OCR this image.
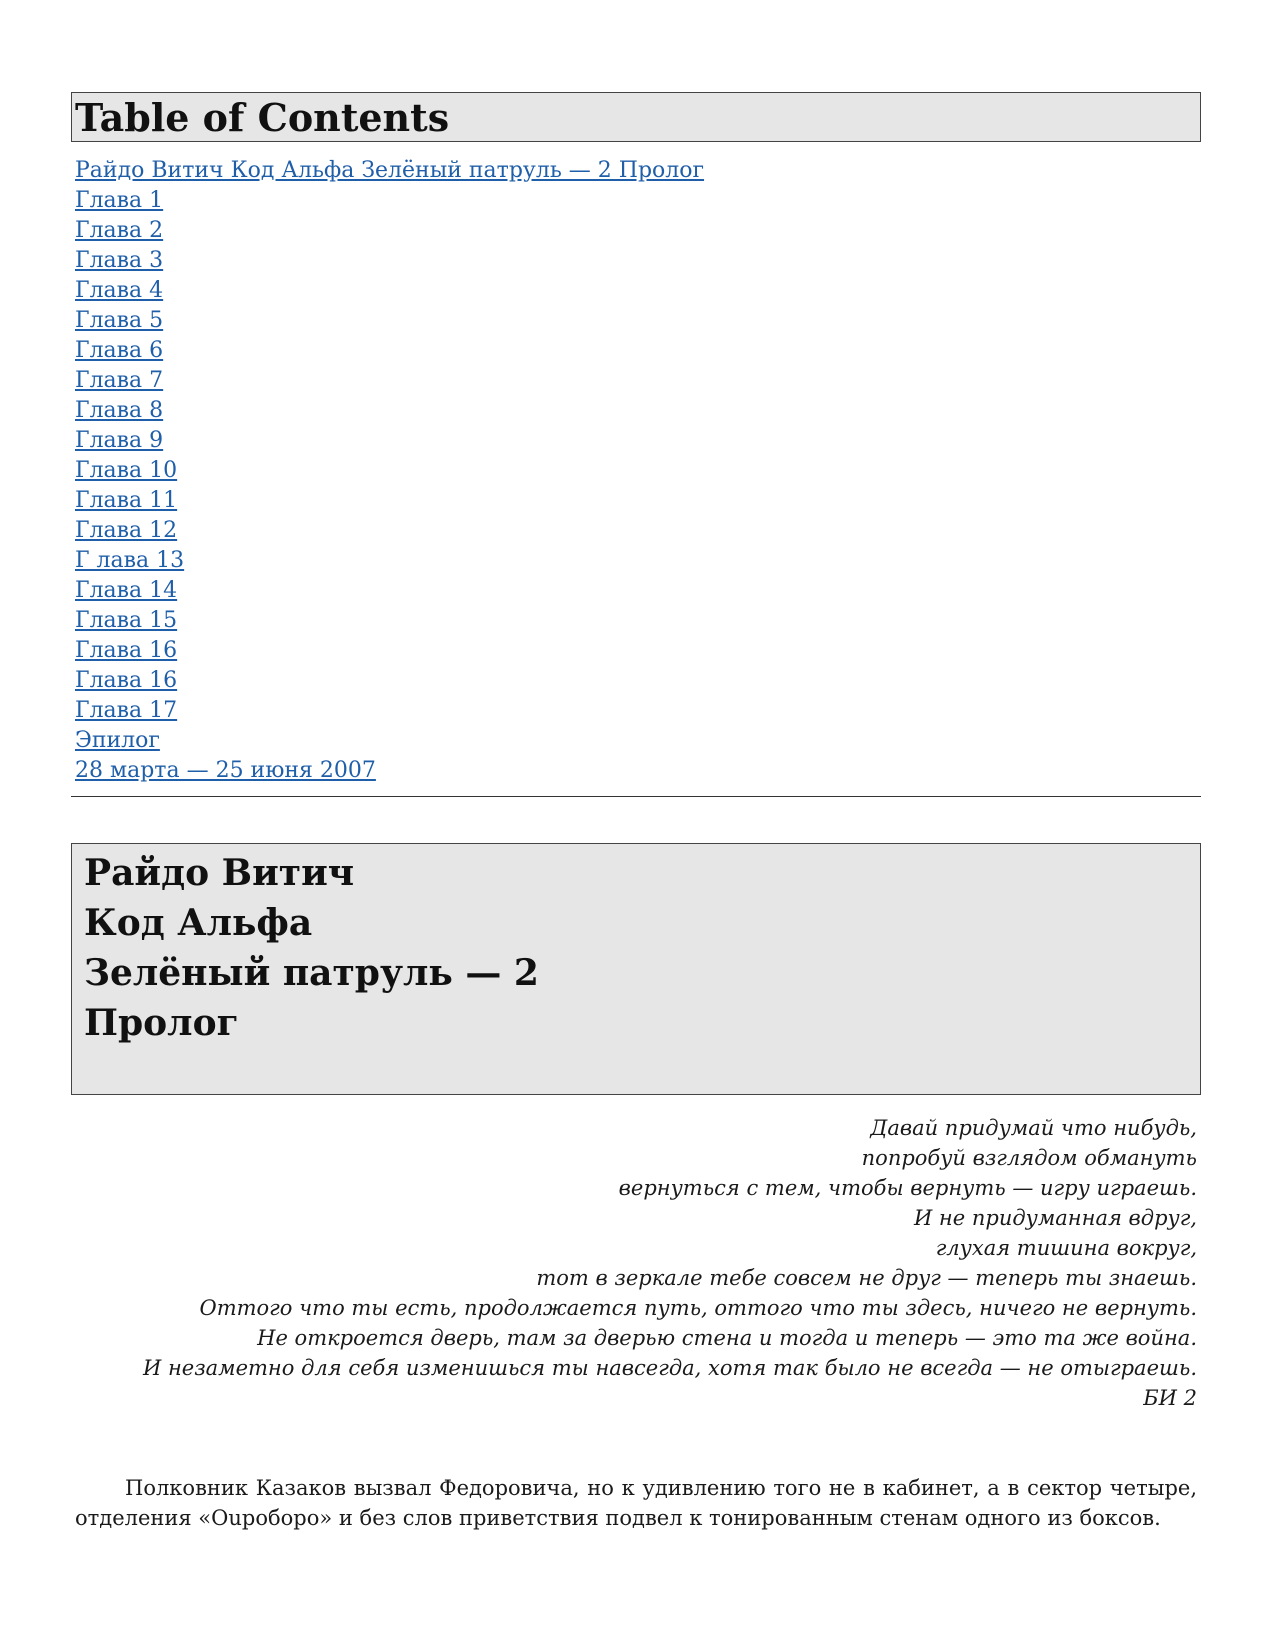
Table of Contents
Райдо Витич Код Альфа Зелёный патруль — 2 Пролог
Глава 1
Глава 2
Глава 3
Глава 4
Глава 5
Глава 6
Глава 7
Глава 8
Глава 9
Глава 10
Глава 11
Глава 12
Г лава 13
Глава 14
Глава 15
Глава 16
Глава 16
Глава 17
Эпилог
28 марта — 25 июня 2007
Райдо Витич
Код Альфа
Зелёный патруль — 2
Пролог
Давай придумай что нибудь,
попробуй взглядом обмануть
вернуться с тем, чтобы вернуть — игру играешь.
И не придуманная вдруг,
глухая тишина вокруг,
тот в зеркале тебе совсем не друг — теперь ты знаешь.
Оттого что ты есть, продолжается путь, оттого что ты здесь, ничего не вернуть.
Не откроется дверь, там за дверью стена и тогда и теперь — это та же война.
И незаметно для себя изменишься ты навсегда, хотя так было не всегда — не отыграешь.
БИ 2

Полковник Казаков вызвал Федоровича, но к удивлению того не в кабинет, а в сектор четыре, отделения «Ouроборо» и без слов приветствия подвел к тонированным стенам одного из боксов.
